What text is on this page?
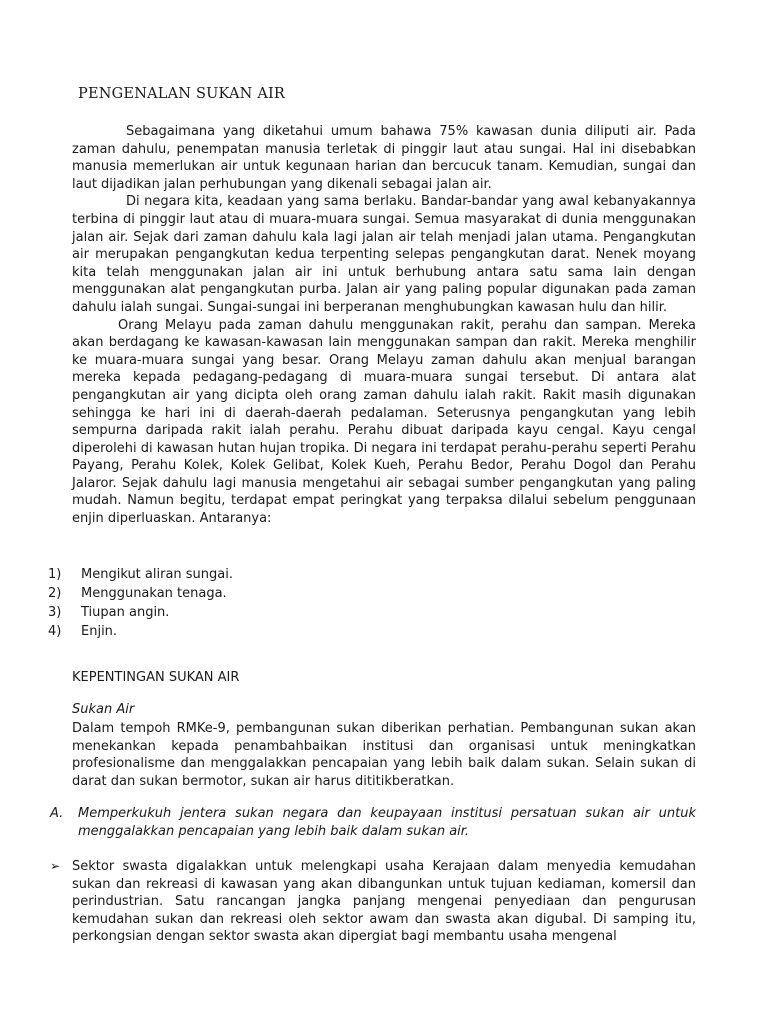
PENGENALAN SUKAN AIR

Sebagaimana yang diketahui umum bahawa 75% kawasan dunia diliputi air. Pada zaman dahulu, penempatan manusia terletak di pinggir laut atau sungai. Hal ini disebabkan manusia memerlukan air untuk kegunaan harian dan bercucuk tanam. Kemudian, sungai dan laut dijadikan jalan perhubungan yang dikenali sebagai jalan air.

Di negara kita, keadaan yang sama berlaku. Bandar-bandar yang awal kebanyakannya terbina di pinggir laut atau di muara-muara sungai. Semua masyarakat di dunia menggunakan jalan air. Sejak dari zaman dahulu kala lagi jalan air telah menjadi jalan utama. Pengangkutan air merupakan pengangkutan kedua terpenting selepas pengangkutan darat. Nenek moyang kita telah menggunakan jalan air ini untuk berhubung antara satu sama lain dengan menggunakan alat pengangkutan purba. Jalan air yang paling popular digunakan pada zaman dahulu ialah sungai. Sungai-sungai ini berperanan menghubungkan kawasan hulu dan hilir.

Orang Melayu pada zaman dahulu menggunakan rakit, perahu dan sampan. Mereka akan berdagang ke kawasan-kawasan lain menggunakan sampan dan rakit. Mereka menghilir ke muara-muara sungai yang besar. Orang Melayu zaman dahulu akan menjual barangan mereka kepada pedagang-pedagang di muara-muara sungai tersebut. Di antara alat pengangkutan air yang dicipta oleh orang zaman dahulu ialah rakit. Rakit masih digunakan sehingga ke hari ini di daerah-daerah pedalaman. Seterusnya pengangkutan yang lebih sempurna daripada rakit ialah perahu. Perahu dibuat daripada kayu cengal. Kayu cengal diperolehi di kawasan hutan hujan tropika. Di negara ini terdapat perahu-perahu seperti Perahu Payang, Perahu Kolek, Kolek Gelibat, Kolek Kueh, Perahu Bedor, Perahu Dogol dan Perahu Jalaror. Sejak dahulu lagi manusia mengetahui air sebagai sumber pengangkutan yang paling mudah. Namun begitu, terdapat empat peringkat yang terpaksa dilalui sebelum penggunaan enjin diperluaskan. Antaranya:

1) Mengikut aliran sungai.
2) Menggunakan tenaga.
3) Tiupan angin.
4) Enjin.
KEPENTINGAN SUKAN AIR
Sukan Air

Dalam tempoh RMKe-9, pembangunan sukan diberikan perhatian. Pembangunan sukan akan menekankan kepada penambahbaikan institusi dan organisasi untuk meningkatkan profesionalisme dan menggalakkan pencapaian yang lebih baik dalam sukan. Selain sukan di darat dan sukan bermotor, sukan air harus dititikberatkan.

A. Memperkukuh jentera sukan negara dan keupayaan institusi persatuan sukan air untuk menggalakkan pencapaian yang lebih baik dalam sukan air.
➢ Sektor swasta digalakkan untuk melengkapi usaha Kerajaan dalam menyedia kemudahan sukan dan rekreasi di kawasan yang akan dibangunkan untuk tujuan kediaman, komersil dan perindustrian. Satu rancangan jangka panjang mengenai penyediaan dan pengurusan kemudahan sukan dan rekreasi oleh sektor awam dan swasta akan digubal. Di samping itu, perkongsian dengan sektor swasta akan dipergiat bagi membantu usaha mengenal
